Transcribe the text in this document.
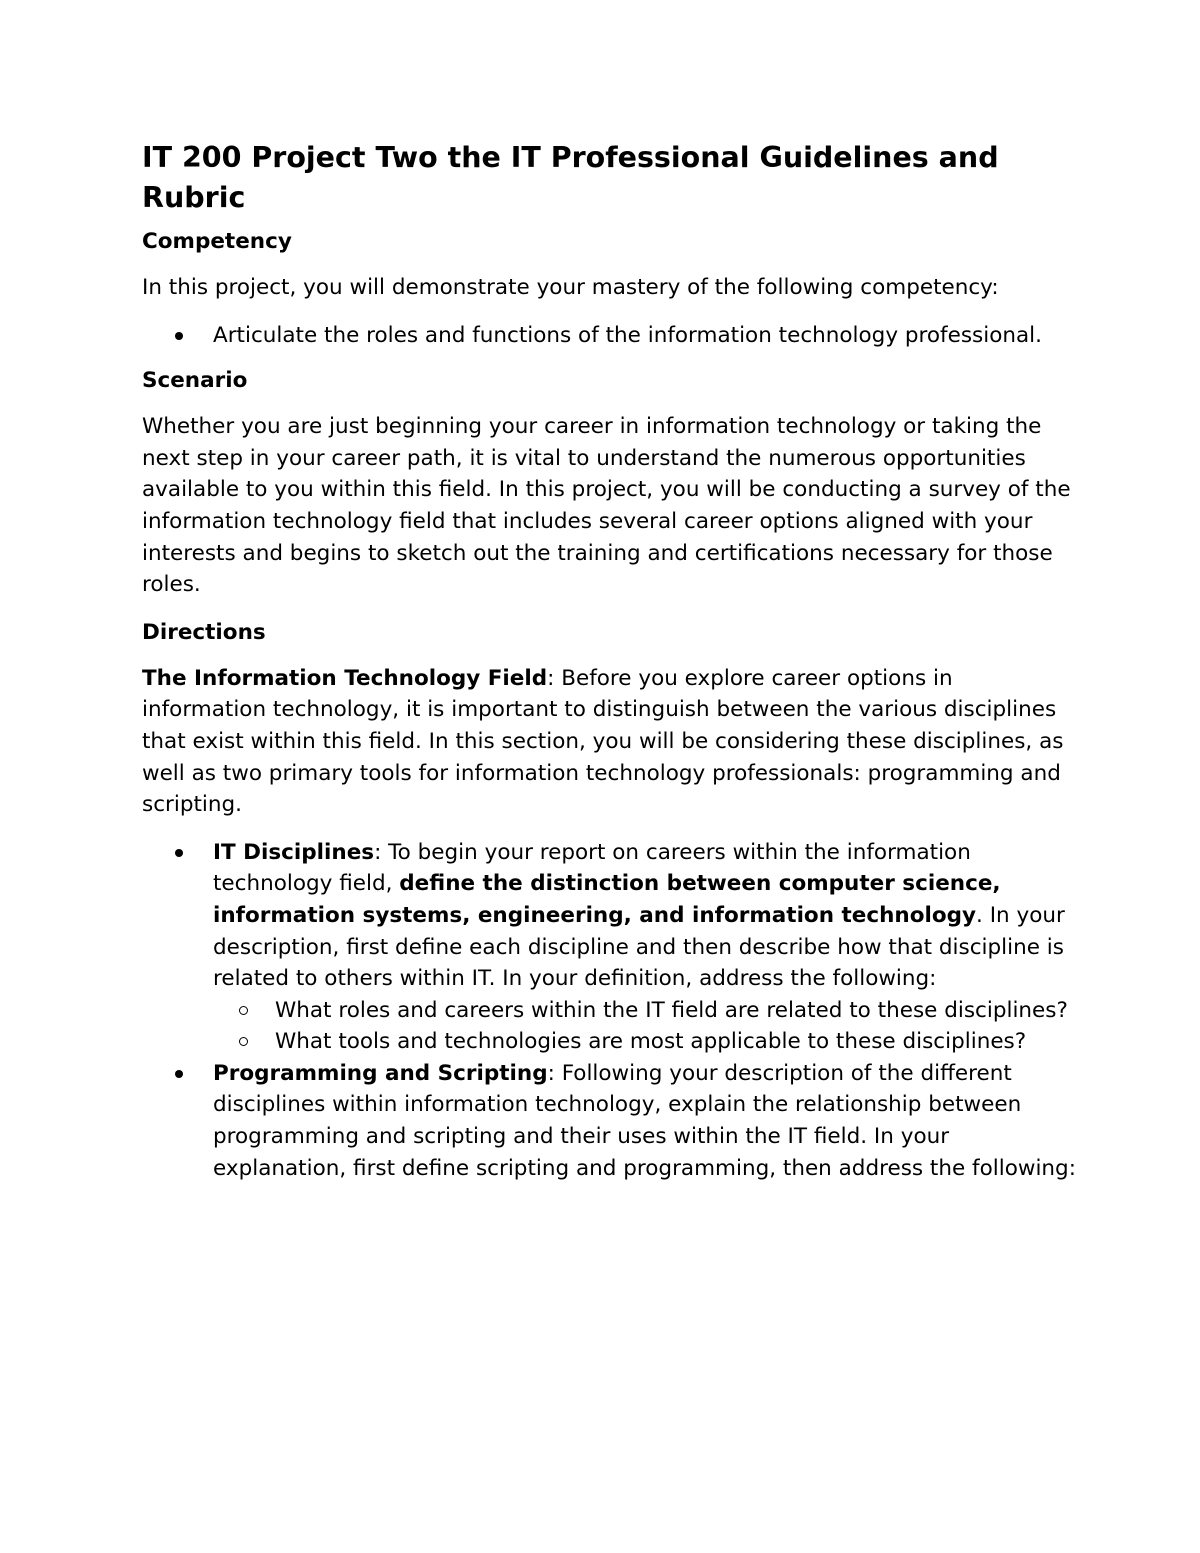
IT 200 Project Two the IT Professional Guidelines and Rubric
Competency
In this project, you will demonstrate your mastery of the following competency:
Articulate the roles and functions of the information technology professional.
Scenario
Whether you are just beginning your career in information technology or taking the next step in your career path, it is vital to understand the numerous opportunities available to you within this field. In this project, you will be conducting a survey of the information technology field that includes several career options aligned with your interests and begins to sketch out the training and certifications necessary for those roles.
Directions
The Information Technology Field: Before you explore career options in information technology, it is important to distinguish between the various disciplines that exist within this field. In this section, you will be considering these disciplines, as well as two primary tools for information technology professionals: programming and scripting.
IT Disciplines: To begin your report on careers within the information technology field, define the distinction between computer science, information systems, engineering, and information technology. In your description, first define each discipline and then describe how that discipline is related to others within IT. In your definition, address the following:
What roles and careers within the IT field are related to these disciplines?
What tools and technologies are most applicable to these disciplines?
Programming and Scripting: Following your description of the different disciplines within information technology, explain the relationship between programming and scripting and their uses within the IT field. In your explanation, first define scripting and programming, then address the following:
